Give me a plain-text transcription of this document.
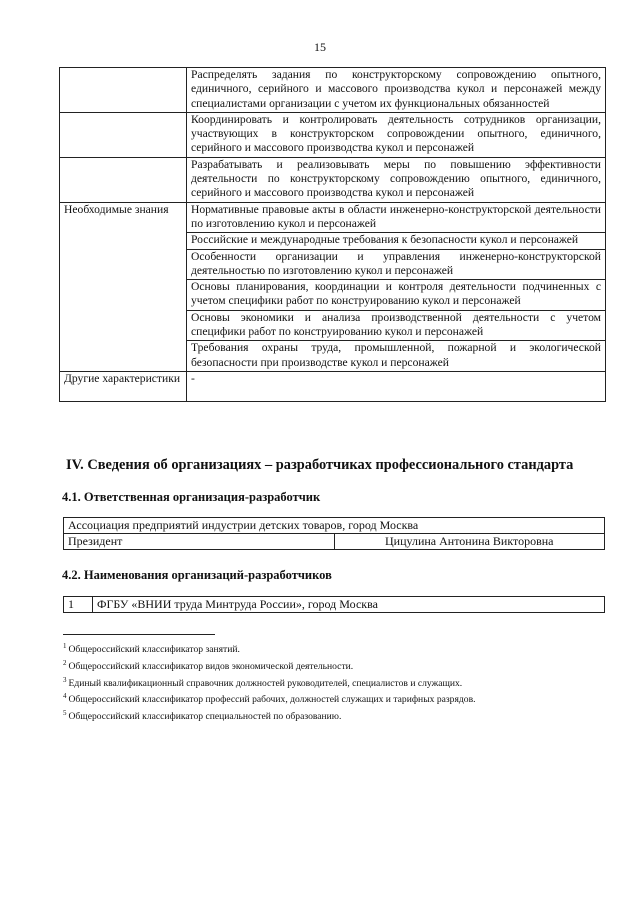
15
	Распределять задания по конструкторскому сопровождению опытного, единичного, серийного и массового производства кукол и персонажей между специалистами организации с учетом их функциональных обязанностей
	Координировать и контролировать деятельность сотрудников организации, участвующих в конструкторском сопровождении опытного, единичного, серийного и массового производства кукол и персонажей
	Разрабатывать и реализовывать меры по повышению эффективности деятельности по конструкторскому сопровождению опытного, единичного, серийного и массового производства кукол и персонажей
Необходимые знания	Нормативные правовые акты в области инженерно-конструкторской деятельности по изготовлению кукол и персонажей
	Российские и международные требования к безопасности кукол и персонажей
	Особенности организации и управления инженерно-конструкторской деятельностью по изготовлению кукол и персонажей
	Основы планирования, координации и контроля деятельности подчиненных с учетом специфики работ по конструированию кукол и персонажей
	Основы экономики и анализа производственной деятельности с учетом специфики работ по конструированию кукол и персонажей
	Требования охраны труда, промышленной, пожарной и экологической безопасности при производстве кукол и персонажей
Другие характеристики	-
IV. Сведения об организациях – разработчиках профессионального стандарта
4.1. Ответственная организация-разработчик
Ассоциация предприятий индустрии детских товаров, город Москва
Президент	Цицулина Антонина Викторовна
4.2. Наименования организаций-разработчиков
1	ФГБУ «ВНИИ труда Минтруда России», город Москва
$^1$ Общероссийский классификатор занятий.
$^2$ Общероссийский классификатор видов экономической деятельности.
$^3$ Единый квалификационный справочник должностей руководителей, специалистов и служащих.
$^4$ Общероссийский классификатор профессий рабочих, должностей служащих и тарифных разрядов.
$^5$ Общероссийский классификатор специальностей по образованию.
